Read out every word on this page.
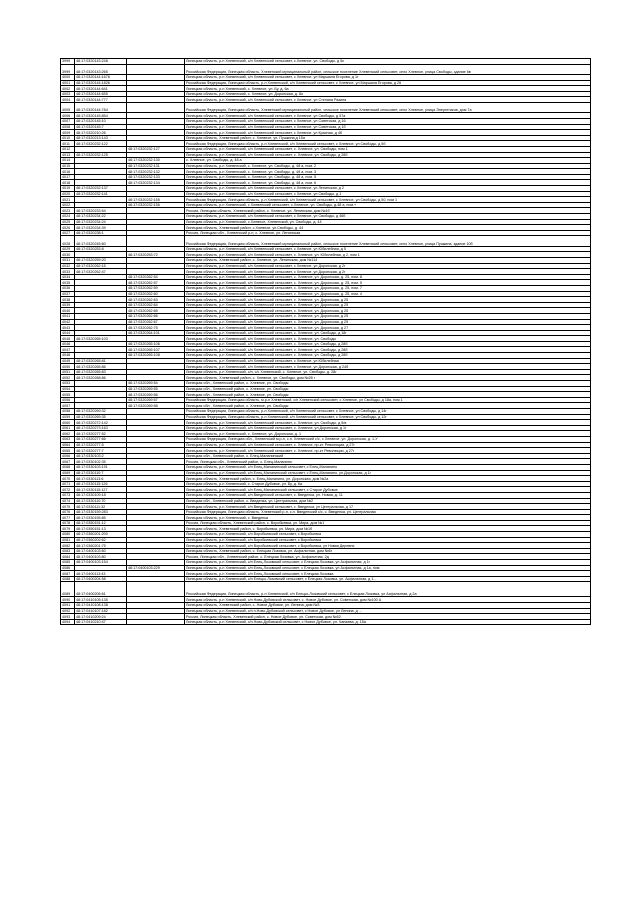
3999	48:17:0320143:248		Липецкая область, р-н Хлевенский, с/п Хлевенский сельсовет, с.Хлевное, ул. Свободы, д 5с
3999	48:17:0320143:265		Российская Федерация, Липецкая область, Хлевенский муниципальный район, сельское поселение Хлевенский сельсовет, село Хлевное, улица Свободы, здание 6в
4000	48:17:0320144:1676		Липецкая область, р-н Хлевенский, с/п Хлевенский сельсовет, с Хлевное, ул Маршала Егорова, д 1г
4001	48:17:0320144:1826		Российская Федерация, Липецкая область, р-н Хлевенский, с/п Хлевенский сельсовет, с Хлевное, ул Маршала Егорова, д 26
4002	48:17:0320144:641		Липецкая область, р-н Хлевенский, с. Хлевное, ул. Бу, д. 6а
4003	48:17:0320144:655		Липецкая область, р-н Хлевенский, с. Хлевное, ул. Доронская, д. 8о
4004	48:17:0320144:777		Липецкая область, р-н Хлевенский, с/п Хлевенский сельсовет, с Хлевное, ул Степана Разина
4005	48:17:0320144:784		Российская Федерация, Липецкая область, Хлевенский муниципальный район, сельское поселение Хлевенский сельсовет, село Хлевное, улица Энергетиков, дом 7а
4006	48:17:0320145:854		Липецкая область, р-н Хлевенский, с/п Хлевенский сельсовет, с Хлевное, ул Свободы, д 57а
4007	48:17:0320145:10		Липецкая область, р-н Хлевенский, с/п Хлевенский сельсовет, с Хлевное, ул Советская, д 16
4008	48:17:0320145:7		Липецкая область, р-н Хлевенский, с/п Хлевенский сельсовет, с Хлевное, ул Советская, д 1б
4009	48:17:0320210:26		Липецкая область, р-н Хлевенский, с/п Хлевенский сельсовет, с Хлевное, ул Красная, д 4б
4010	48:17:0320213:143		Липецкая область, Хлевенский район, с. Хлевное, ул. Пушкина,д 15а
4011	48:17:0320232:122		Российская Федерация, Липецкая область, р-н Хлевенский, с/п Хлевенский сельсовет, с Хлевное, ул Свободы, д 5б
4012		48:17:0320232:127	Липецкая область, р-н Хлевенский, с/п Хлевенский сельсовет, с. Хлевное, ул. Свободы, пом 1
4013	48:17:0320232:125		Липецкая область, р-н Хлевенский, с/п Хлевенский сельсовет, с. Хлевное, ул. Свободы, д 28б
4014		48:17:0320232:130	с. Хлевное, ул. Свободы, д. 48 а
4015		48:17:0320232:131	Липецкая область, р-н Хлевенский, с. Хлевное, ул. Свободы, д. 48 а, пом. 2
4016		48:17:0320232:132	Липецкая область, р-н Хлевенский, с. Хлевное, ул. Свободы, д. 48 а, пом. 3
4017		48:17:0320232:133	Липецкая область, р-н Хлевенский, с. Хлевное, ул. Свободы, д. 48 а, пом. 5
4018		48:17:0320232:134	Липецкая область, р-н Хлевенский, с. Хлевное, ул. Свободы, д. 48 а, пом. 6
4019	48:17:0320232:137		Липецкая область, р-н Хлевенский, с/п Хлевенский сельсовет, с Хлевное, ул Ленинская, д 2
4020	48:17:0320232:141		Липецкая область, р-н Хлевенский, с/п Хлевенский сельсовет, с Хлевное, ул Свободы, д 1
4021		48:17:0320232:155	Российская Федерация, Липецкая область, р-н Хлевенский, с/п Хлевенский сельсовет, с Хлевное, ул Свободы, д 50, пом 1
4022		48:17:0320232:156	Липецкая область, р-н Хлевенский, с Хлевенский сельсовет, с.Хлевное, ул. Свободы, д.48 а, пом.+
4023	48:17:0320233:54		Россия, Липецкая область, Хлевенский район, с. Хлевное, ул. Ленинская, дом №1б
4024	48:17:0320234:22		Липецкая область, р-н Хлевенский, с/п Хлевенский сельсовет, с Хлевное, ул Свободы, д 46б
4025	48:17:0320234:24		Липецкая область, р-н Хлевенский, с.Хлевное, Хлевенский, ул. Свободы, д. 44
4026	48:17:0320234:39		Липецкая область, Хлевенский район, с.Хлевное, ул.Свободы, д. 44
4027	48:17:0320238:1		Россия, Липецкая обл., Хлевенский р-н, с. Хлевное, ул. Ленинская
4028	48:17:0320245:60		Российская Федерация, Липецкая область, Хлевенский муниципальный район, сельское поселение Хлевенский сельсовет, село Хлевное, улица Пушкина, здание 10б
4029	48:17:0320253:8		Липецкая область, р-н Хлевенский, с/п Хлевенский сельсовет, с Хлевное, ул Юбилейная, д 5
4030		48:17:0320253:72	Липецкая область, р-н Хлевенский, с/п Хлевенский сельсовет, с. Хлевное, ул. Юбилейная, д 2, пом 1
4031	48:17:0320259:20		Липецкая область, Хлевенский район, с. Хлевное, ул. Ленинская, дом №114
4032	48:17:0320262:15		Липецкая область, р-н Хлевенский, с/п Хлевенский сельсовет, с Хлевное, ул Доронская, д 2г
4033	48:17:0320262:47		Липецкая область, р-н Хлевенский, с/п Хлевенский сельсовет, с Хлевное, ул Доронская, д 2г
4034		48:17:0320262:54	Липецкая область, р-н Хлевенский, с/п Хлевенский сельсовет, с. Хлевное, ул. Доронская, д. 25, пом. 8
4035		48:17:0320262:57	Липецкая область, р-н Хлевенский, с/п Хлевенский сельсовет, с. Хлевное, ул. Доронская, д. 25, пом. 5
4036		48:17:0320262:59	Липецкая область, р-н Хлевенский, с/п Хлевенский сельсовет, с. Хлевное, ул. Доронская, д. 25, пом. 7
4037		48:17:0320262:60	Липецкая область, р-н Хлевенский, с/п Хлевенский сельсовет, с. Хлевное, ул. Доронская, д. 25, пом. 4
4038		48:17:0320262:63	Липецкая область, р-н Хлевенский, с/п Хлевенский сельсовет, с. Хлевное, ул. Доронская, д 25
4039		48:17:0320262:64	Липецкая область, р-н Хлевенский, с/п Хлевенский сельсовет, с. Хлевное, ул. Доронская, д 25
4040		48:17:0320262:65	Липецкая область, р-н Хлевенский, с/п Хлевенский сельсовет, с. Хлевное, ул. Доронская, д 25
4041		48:17:0320262:66	Липецкая область, р-н Хлевенский, с/п Хлевенский сельсовет, с. Хлевное, ул. Доронская, д 25
4042		48:17:0320262:67	Липецкая область, р-н Хлевенский, с/п Хлевенский сельсовет, с. Хлевное, ул. Доронская, д 25
4043		48:17:0320262:75	Липецкая область, р-н Хлевенский, с/п Хлевенский сельсовет, с. Хлевное, ул. Доронская, д 27
4044		48:17:0320264:101	Липецкая область, р-н Хлевенский, с/п Хлевенский сельсовет, с. Хлевное, ул. Свободы, д 18г
4045	48:17:0320265:103		Липецкая область, р-н Хлевенский, с/п Хлевенский сельсовет, с. Хлевное, ул. Свободы
4046		48:17:0320265:106	Липецкая область, р-н Хлевенский, с/п Хлевенский сельсовет, с. Хлевное, ул. Свободы, д 28б
4047		48:17:0320265:107	Липецкая область, р-н Хлевенский, с/п Хлевенский сельсовет, с. Хлевное, ул. Свободы, д 28б
4048		48:17:0320265:108	Липецкая область, р-н Хлевенский, с/п Хлевенский сельсовет, с. Хлевное, ул. Свободы, д 28б
4049	48:17:0320265:81		Липецкая область, р-н Хлевенский, с/п Хлевенский сельсовет, с Хлевное, ул Юбилейная
4050	48:17:0320265:86		Липецкая область, р-н Хлевенский, с/п Хлевенский сельсовет, с Хлевное, ул Доронская, д 24б
4051	48:17:0320265:83		Липецкая область, р-н Хлевенский, с/п, с/с Хлевенский, с. Хлевное, ул. Свободы, д. 28г
4052	48:17:0320268:86		Липецкая область, Хлевенский район, с. Хлевное, ул. Свободы, дом №28 г
4053		48:17:0320269:54	Липецкая обл., Хлевенский район, с. Хлевное, ул. Свободы
4054		48:17:0320269:55	Липецкая обл., Хлевенский район, с. Хлевное, ул. Свободы
4055		48:17:0320269:56	Липецкая обл., Хлевенский район, с. Хлевное, ул. Свободы
4056		48:17:0320269:57	Российская Федерация, Липецкая область, м.р-н Хлевенский, с/п Хлевенский сельсовет, с Хлевное, ул Свободы, д 18а, пом 1
4057		48:17:0320269:58	Липецкая обл., Хлевенский район, с. Хлевное, ул. Свободы
4058	48:17:0320269:32		Российская Федерация, Липецкая область, р-н Хлевенский, с/п Хлевенский сельсовет, с Хлевное, ул Свободы, д 14г
4059	48:17:0320269:35		Российская Федерация, Липецкая область, р-н Хлевенский, с/п Хлевенский сельсовет, с Хлевное, ул Свободы, д 12г
4060	48:17:0320272:142		Липецкая область, р-н Хлевенский, с/п Хлевенский сельсовет, с. Хлевное, ул. Свободы, д 5/в
4061	48:17:0320273:163		Липецкая область, р-н Хлевенский, с/п Хлевенский сельсовет, с. Хлевное, ул Доронская, д 1г
4062	48:17:0320277:52		Липецкая область, р-н Хлевенский, с. Хлевное, ул. Доронская, д. 1
4063	48:17:0320277:66		Российская Федерация, Липецкая обл., Хлевенский м.р-н, с.п. Хлевенский с/с, с Хлевное, ул. Доронская, д. 1-У
4064	48:17:0320277:5		Липецкая область, р-н Хлевенский, с/п Хлевенский сельсовет, с. Хлевное, пр-кт. Революции, д 27г
4065	48:17:0320277:7		Липецкая область, р-н Хлевенский, с/п Хлевенский сельсовет, с. Хлевное, пр-кт Революции, д 27г
4066	48:17:0330103:2		Липецкая обл., Хлевенский район, с. Елец-Маланинский
4067	48:17:0330102:35		Россия, Липецкая обл., Хлевенский район, с. Елец-Маланино
4068	48:17:0330103:191		Липецкая область, р-н Хлевенский, с/п Елец-Маланинский сельсовет, с Елец-Маланино
4069	48:17:0330110:7		Липецкая область, р-н Хлевенский, с/п Елец-Маланинский сельсовет, с Елец-Маланино, ул.Доронская, д 1г
4070	48:17:0330113:6		Липецкая область, Хлевенский район, с. Елец-Маланино, ул. Доронская, дом №2а
4071	48:17:0330115:126		Липецкая область, р-н Хлевенский, с. Старое Дубовое, ул. Бу, д. 6а
4072	48:17:0330115:127		Липецкая область, р-н Хлевенский, с/п Елец-Маланинский сельсовет, с Старое Дубовое
4073	48:17:0330109:18		Липецкая область, р-н Хлевенский, с/п Введенский сельсовет, с. Введенка, ул. Новая, д. 11
4074	48:17:0330110:70		Липецкая обл., Хлевенский район, с. Введенка, ул. Центральная, дом №2
4075	48:17:0330111:32		Липецкая область, р-н Хлевенский, с/п Введенский сельсовет, с. Введенка, ул Центральная, д 17
4076	48:17:0330159:283		Российская Федерация, Липецкая область, Хлевенский р-н, с.п. Введенский с/с, с. Введенка, ул. Центральная
4077	48:17:0330155:85		Липецкая область, р-н Хлевенский, с. Введенка
4078	48:17:0350151:12		Россия, Липецкая область, Хлевенский район, с. Воробьевка, ул. Мира, дом №1
4079	48:17:0350151:13		Липецкая область, Хлевенский район, с. Воробьевка, ул. Мира, дом №1б
4080	48:17:0360201:200		Липецкая область, р-н Хлевенский, с/п Воробьевский сельсовет, с Воробьевка
4081	48:17:0360202:62		Липецкая область, р-н Хлевенский, с/п Воробьевский сельсовет, с Воробьевка
4082	48:17:0360201:75		Липецкая область, р-н Хлевенский, с/п Воробьевский сельсовет, с Воробьевка, ул Новая Деревня
4083	48:17:0400103:60		Липецкая область, Хлевенский район, с. Елецкая Лозовка, ул. Асфальтная, дом №6г
4084	48:17:0400103:80		Россия, Липецкая обл., Хлевенский район, с. Елецкая Лозовка, ул. Асфальтная, 2д
4085	48:17:0400103:154		Липецкая область, р-н Хлевенский, с/п Елец-Лозовский сельсовет, с Елецкая Лозовка, ул Асфальтная, д 1г
4086		48:17:0400103:229	Липецкая область, р-н Хлевенский, с/п Елец-Лозовский сельсовет, с Елецкая Лозовка, ул Асфальтная, д 1а, пом
4087	48:17:0400113:43		Липецкая область, р-н Хлевенский, с/п Елец-Лозовский сельсовет, с Елецкая Лозовка
4088	48:17:0400204:58		Липецкая область, р-н Хлевенский, с/п Елецко-Лозовский сельсовет, с Елецкая Лозовка, ул. Асфальтная, д 1...
4089	48:17:0400206:61		Российская Федерация, Липецкая область, р-н Хлевенский, с/п Елецко-Лозовский сельсовет, с Елецкая Лозовка, ул Асфальтная, д 2а
4090	48:17:0410105:135		Липецкая область, р-н Хлевенский, с/п Ново-Дубовской сельсовет, с. Новое Дубовое, ул. Советская, дом №100 А
4091	48:17:0410108:138		Липецкая область, Хлевенский район, с. Новое Дубовое, ул. Ленина, дом №3
4092	48:17:0410107:182		Липецкая область, р-н Хлевенский, с/п п.Ново-Дубовской сельсовет, с Новое Дубовое, ул Ленина, д ...
4093	48:17:0410209:24		Россия, Липецкая область, Хлевенский район, с. Новое Дубовое, ул. Советская, дом №52
4094	48:17:0410210:47		Липецкая область, р-н Хлевенский, с/п Ново-Дубовский сельсовет, с Новое Дубовое, ул. Чапаева, д. 15а
